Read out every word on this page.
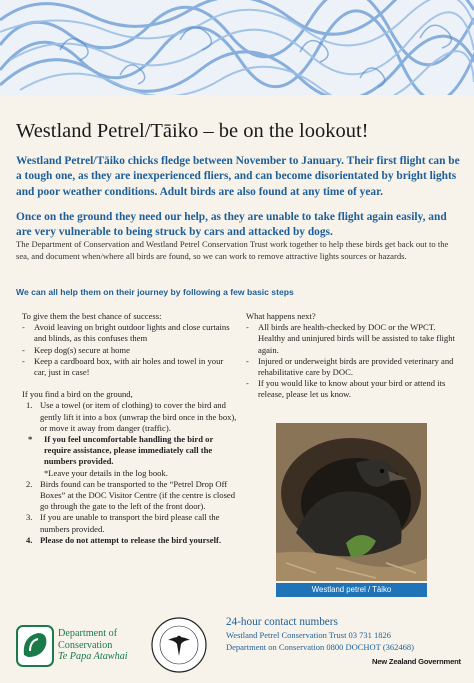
Westland Petrel/Tāiko – be on the lookout!
Westland Petrel/Tāiko chicks fledge between November to January. Their first flight can be a tough one, as they are inexperienced fliers, and can become disorientated by bright lights and poor weather conditions. Adult birds are also found at any time of year.
Once on the ground they need our help, as they are unable to take flight again easily, and are very vulnerable to being struck by cars and attacked by dogs.
The Department of Conservation and Westland Petrel Conservation Trust work together to help these birds get back out to the sea, and document when/where all birds are found, so we can work to remove attractive lights sources or hazards.
We can all help them on their journey by following a few basic steps

To give them the best chance of success:

- Avoid leaving on bright outdoor lights and close curtains and blinds, as this confuses them
- Keep dog(s) secure at home
- Keep a cardboard box, with air holes and towel in your car, just in case!

If you find a bird on the ground,

1. Use a towel (or item of clothing) to cover the bird and gently lift it into a box (unwrap the bird once in the box), or move it away from danger (traffic).
* If you feel uncomfortable handling the bird or require assistance, please immediately call the numbers provided.
*Leave your details in the log book.
2. Birds found can be transported to the “Petrel Drop Off Boxes” at the DOC Visitor Centre (if the centre is closed go through the gate to the left of the front door).
3. If you are unable to transport the bird please call the numbers provided.
4. Please do not attempt to release the bird yourself.

What happens next?

- All birds are health-checked by DOC or the WPCT. Healthy and uninjured birds will be assisted to take flight again.
- Injured or underweight birds are provided veterinary and rehabilitative care by DOC.
- If you would like to know about your bird or attend its release, please let us know.
Westland petrel / Tāiko
Department of
Conservation
Te Papa Atawhai
24-hour contact numbers
Westland Petrel Conservation Trust 03 731 1826
Department on Conservation 0800 DOCHOT (362468)
New Zealand Government
